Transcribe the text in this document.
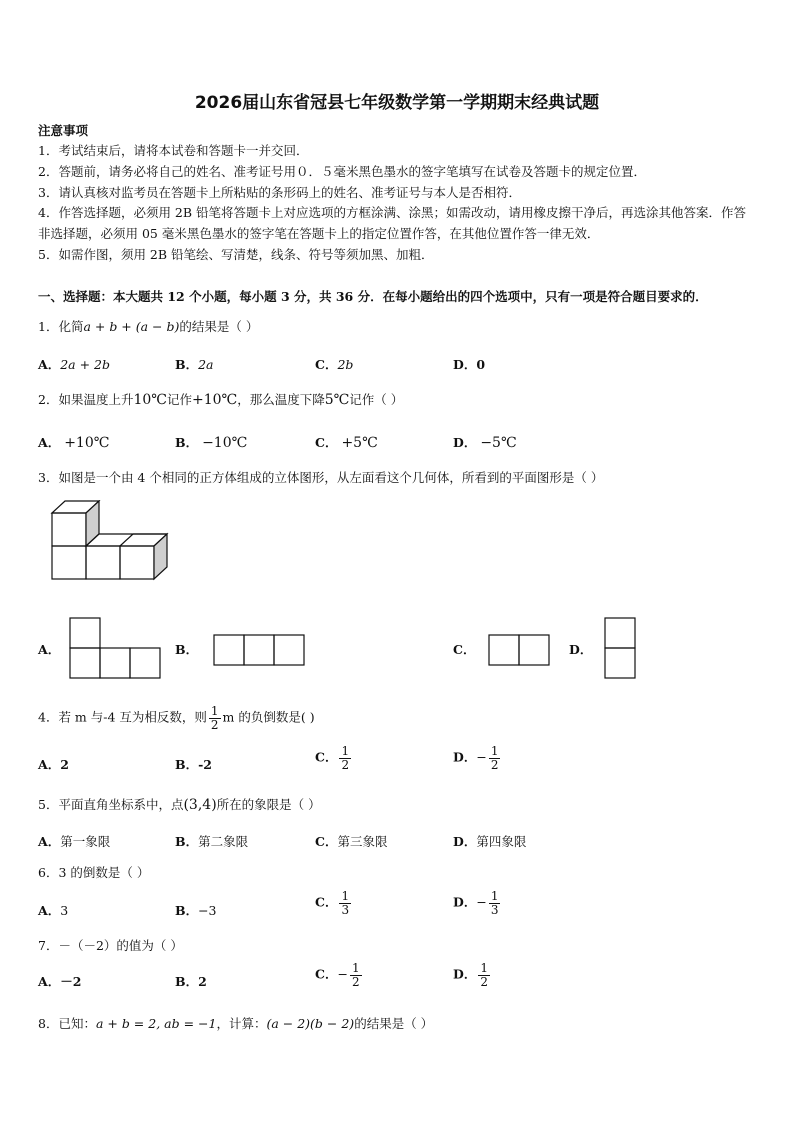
2026届山东省冠县七年级数学第一学期期末经典试题
注意事项
1．考试结束后，请将本试卷和答题卡一并交回．
2．答题前，请务必将自己的姓名、准考证号用０．５毫米黑色墨水的签字笔填写在试卷及答题卡的规定位置．
3．请认真核对监考员在答题卡上所粘贴的条形码上的姓名、准考证号与本人是否相符．
4．作答选择题，必须用 2B 铅笔将答题卡上对应选项的方框涂满、涂黑；如需改动，请用橡皮擦干净后，再选涂其他答案．作答非选择题，必须用 05 毫米黑色墨水的签字笔在答题卡上的指定位置作答，在其他位置作答一律无效．
5．如需作图，须用 2B 铅笔绘、写清楚，线条、符号等须加黑、加粗．
一、选择题：本大题共 12 个小题，每小题 3 分，共 36 分．在每小题给出的四个选项中，只有一项是符合题目要求的．
1．化简a + b + (a − b)的结果是（ ）
A．2a + 2b	B．2a	C．2b	D．0
2．如果温度上升10℃记作+10℃，那么温度下降5℃记作（ ）
A． +10℃	B． −10℃	C． +5℃	D． −5℃
3．如图是一个由 4 个相同的正方体组成的立体图形，从左面看这个几何体，所看到的平面图形是（ ）
A．	B．	C．	D．
4．若 m 与-4 互为相反数，则 $\frac{1}{2}$ m 的负倒数是( )
A．2	B．-2	C． $\frac{1}{2}$	D．− $\frac{1}{2}$
5．平面直角坐标系中，点(3,4)所在的象限是（ ）
A．第一象限	B．第二象限	C．第三象限	D．第四象限
6．3 的倒数是（ ）
A．3	B．−3
C． $\frac{1}{3}$	D．− $\frac{1}{3}$
7．－（－2）的值为（ ）
A．－2	B．2	C．− $\frac{1}{2}$	D． $\frac{1}{2}$
8．已知：a + b = 2, ab = −1，计算：(a − 2)(b − 2)的结果是（ ）
